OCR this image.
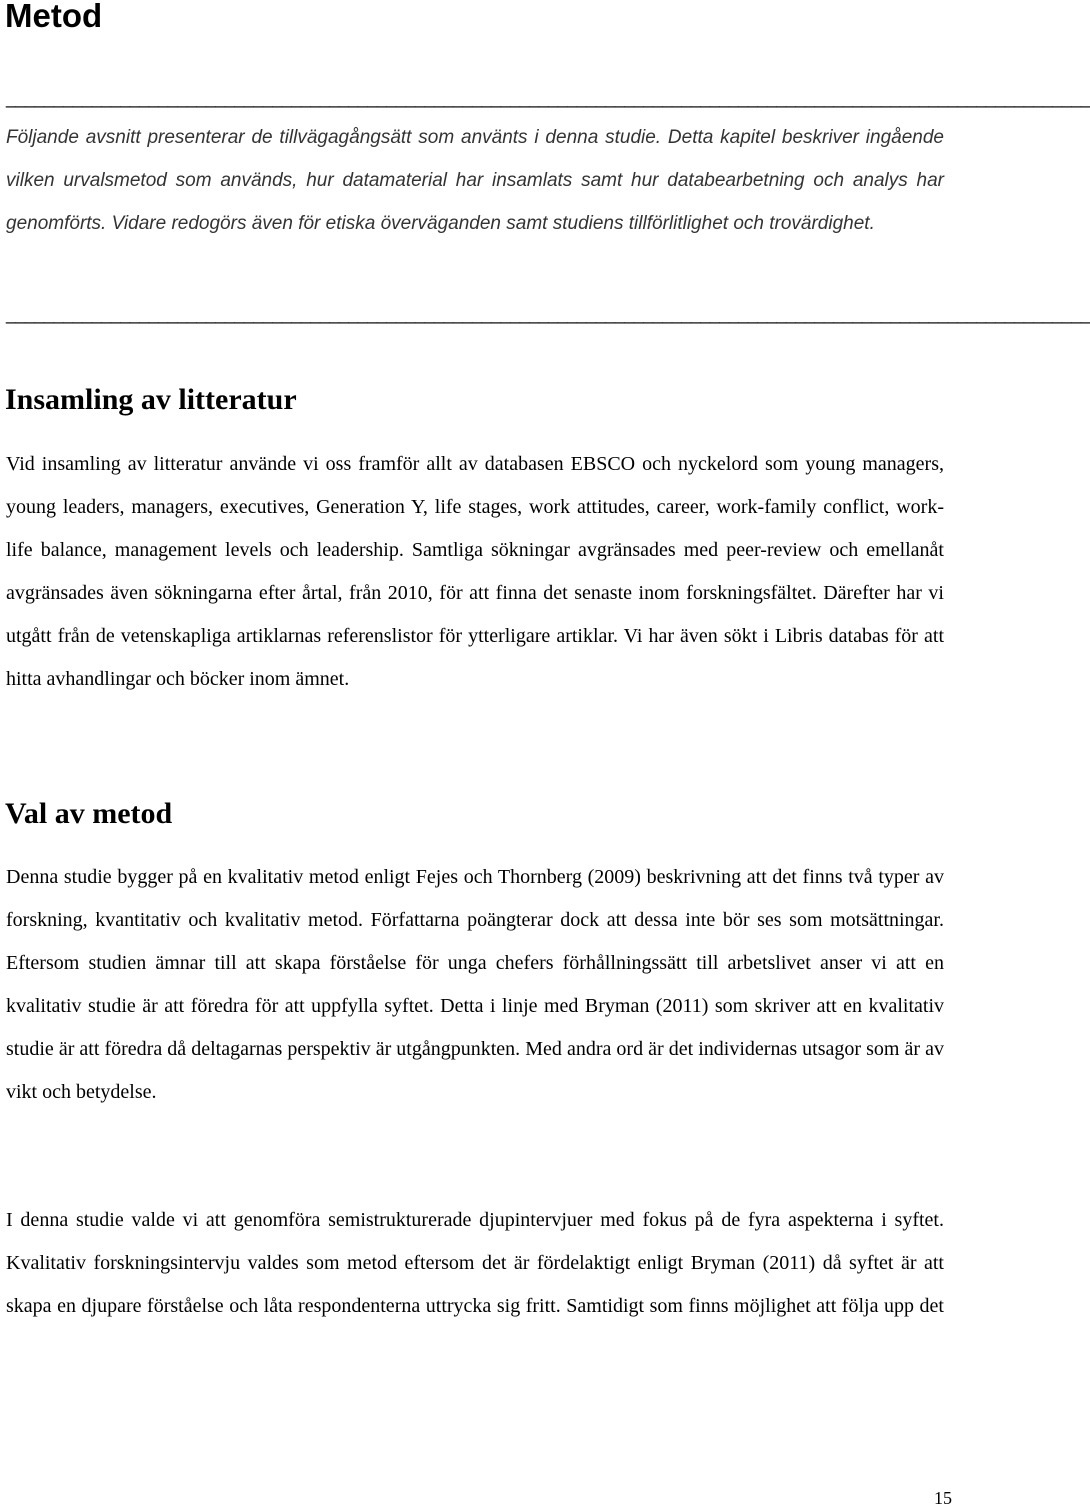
Metod
__________________________________________________________________________________________________________________

Följande avsnitt presenterar de tillvägagångsätt som använts i denna studie. Detta kapitel beskriver ingående vilken urvalsmetod som används, hur datamaterial har insamlats samt hur databearbetning och analys har genomförts. Vidare redogörs även för etiska överväganden samt studiens tillförlitlighet och trovärdighet.

__________________________________________________________________________________________________________________
Insamling av litteratur

Vid insamling av litteratur använde vi oss framför allt av databasen EBSCO och nyckelord som young managers, young leaders, managers, executives, Generation Y, life stages, work attitudes, career, work-family conflict, work-life balance, management levels och leadership. Samtliga sökningar avgränsades med peer-review och emellanåt avgränsades även sökningarna efter årtal, från 2010, för att finna det senaste inom forskningsfältet. Därefter har vi utgått från de vetenskapliga artiklarnas referenslistor för ytterligare artiklar. Vi har även sökt i Libris databas för att hitta avhandlingar och böcker inom ämnet.

Val av metod

Denna studie bygger på en kvalitativ metod enligt Fejes och Thornberg (2009) beskrivning att det finns två typer av forskning, kvantitativ och kvalitativ metod. Författarna poängterar dock att dessa inte bör ses som motsättningar. Eftersom studien ämnar till att skapa förståelse för unga chefers förhållningssätt till arbetslivet anser vi att en kvalitativ studie är att föredra för att uppfylla syftet. Detta i linje med Bryman (2011) som skriver att en kvalitativ studie är att föredra då deltagarnas perspektiv är utgångpunkten. Med andra ord är det individernas utsagor som är av vikt och betydelse.

I denna studie valde vi att genomföra semistrukturerade djupintervjuer med fokus på de fyra aspekterna i syftet. Kvalitativ forskningsintervju valdes som metod eftersom det är fördelaktigt enligt Bryman (2011) då syftet är att skapa en djupare förståelse och låta respondenterna uttrycka sig fritt. Samtidigt som finns möjlighet att följa upp det

15
